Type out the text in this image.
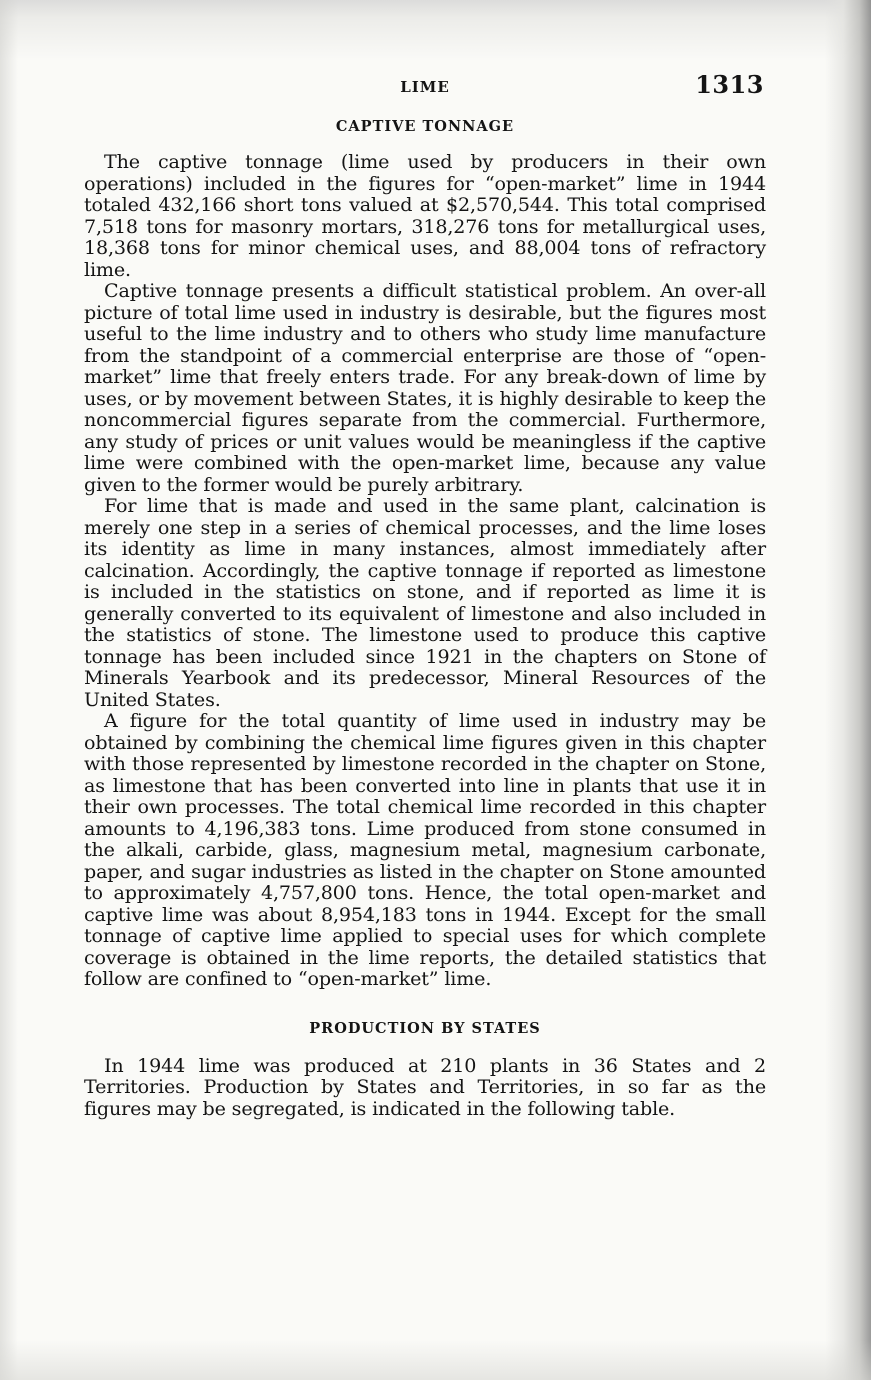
LIME	1313
CAPTIVE TONNAGE

The captive tonnage (lime used by producers in their own operations) included in the figures for “open-market” lime in 1944 totaled 432,166 short tons valued at $2,570,544. This total comprised 7,518 tons for masonry mortars, 318,276 tons for metallurgical uses, 18,368 tons for minor chemical uses, and 88,004 tons of refractory lime.

Captive tonnage presents a difficult statistical problem. An over-all picture of total lime used in industry is desirable, but the figures most useful to the lime industry and to others who study lime manufacture from the standpoint of a commercial enterprise are those of “open-market” lime that freely enters trade. For any break-down of lime by uses, or by movement between States, it is highly desirable to keep the noncommercial figures separate from the commercial. Furthermore, any study of prices or unit values would be meaningless if the captive lime were combined with the open-market lime, because any value given to the former would be purely arbitrary.

For lime that is made and used in the same plant, calcination is merely one step in a series of chemical processes, and the lime loses its identity as lime in many instances, almost immediately after calcination. Accordingly, the captive tonnage if reported as limestone is included in the statistics on stone, and if reported as lime it is generally converted to its equivalent of limestone and also included in the statistics of stone. The limestone used to produce this captive tonnage has been included since 1921 in the chapters on Stone of Minerals Yearbook and its predecessor, Mineral Resources of the United States.

A figure for the total quantity of lime used in industry may be obtained by combining the chemical lime figures given in this chapter with those represented by limestone recorded in the chapter on Stone, as limestone that has been converted into line in plants that use it in their own processes. The total chemical lime recorded in this chapter amounts to 4,196,383 tons. Lime produced from stone consumed in the alkali, carbide, glass, magnesium metal, magnesium carbonate, paper, and sugar industries as listed in the chapter on Stone amounted to approximately 4,757,800 tons. Hence, the total open-market and captive lime was about 8,954,183 tons in 1944. Except for the small tonnage of captive lime applied to special uses for which complete coverage is obtained in the lime reports, the detailed statistics that follow are confined to “open-market” lime.

PRODUCTION BY STATES

In 1944 lime was produced at 210 plants in 36 States and 2 Territories. Production by States and Territories, in so far as the figures may be segregated, is indicated in the following table.
